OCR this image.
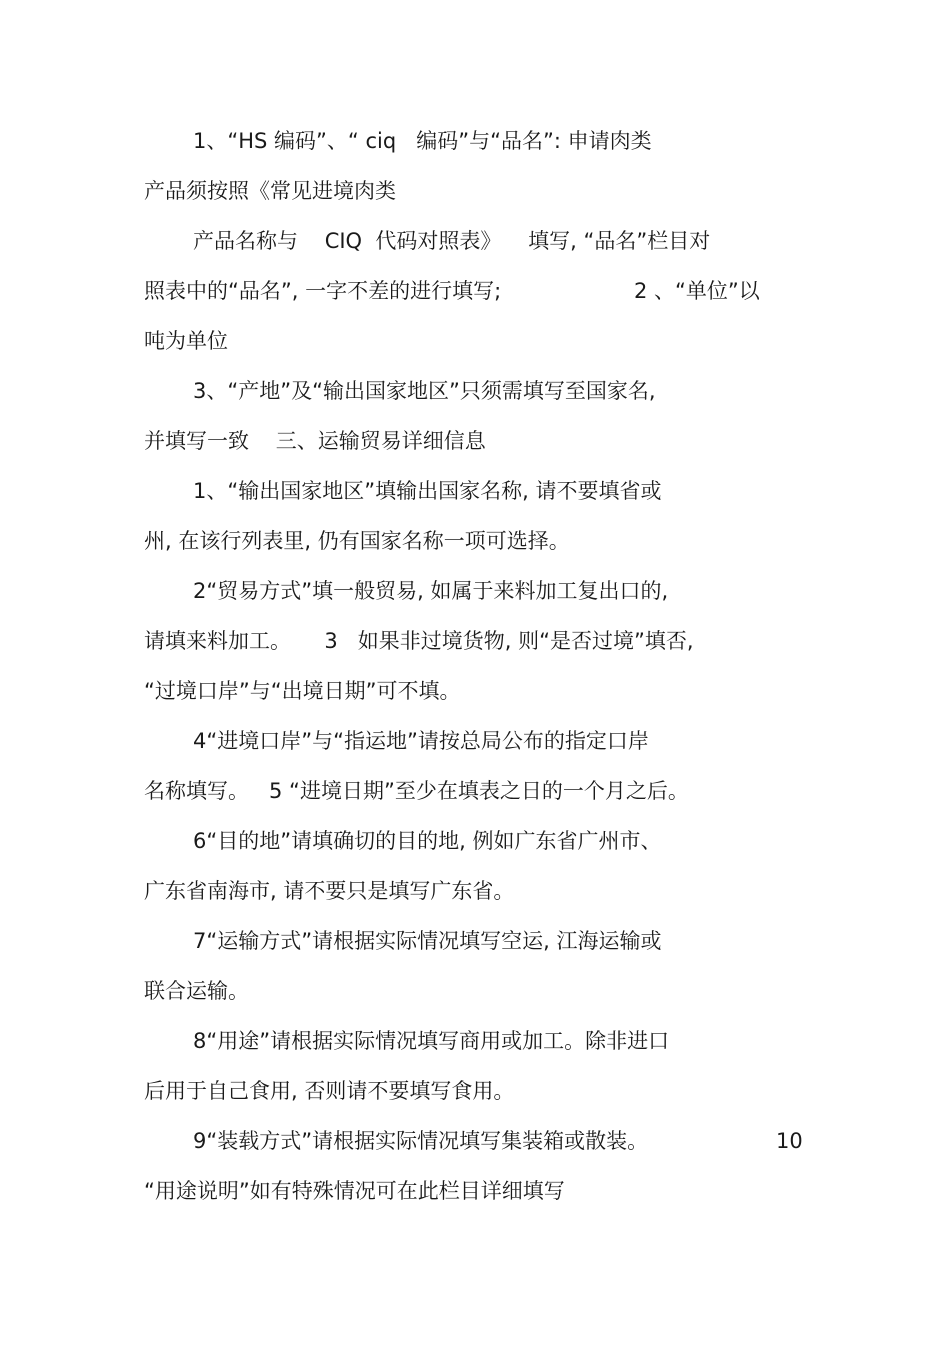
1、“HS 编码”、“ ciq   编码”与“品名”: 申请肉类
产品须按照《常见进境肉类
产品名称与    CIQ  代码对照表》    填写, “品名”栏目对
照表中的“品名”, 一字不差的进行填写;	2 、“单位”以
吨为单位
3、“产地”及“输出国家地区”只须需填写至国家名,
并填写一致    三、运输贸易详细信息
1、“输出国家地区”填输出国家名称, 请不要填省或
州, 在该行列表里, 仍有国家名称一项可选择。
2“贸易方式”填一般贸易, 如属于来料加工复出口的,
请填来料加工。     3   如果非过境货物, 则“是否过境”填否,
“过境口岸”与“出境日期”可不填。
4“进境口岸”与“指运地”请按总局公布的指定口岸
名称填写。   5 “进境日期”至少在填表之日的一个月之后。
6“目的地”请填确切的目的地, 例如广东省广州市、
广东省南海市, 请不要只是填写广东省。
7“运输方式”请根据实际情况填写空运, 江海运输或
联合运输。
8“用途”请根据实际情况填写商用或加工。除非进口
后用于自己食用, 否则请不要填写食用。
9“装载方式”请根据实际情况填写集装箱或散装。	10
“用途说明”如有特殊情况可在此栏目详细填写
